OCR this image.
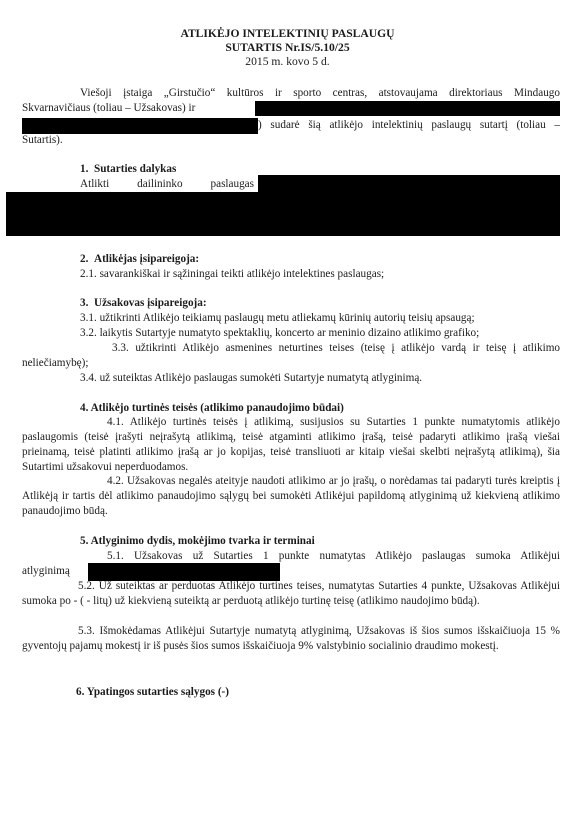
ATLIKĖJO INTELEKTINIŲ PASLAUGŲ
SUTARTIS Nr.IS/5.10/25
2015 m. kovo 5 d.
Viešoji įstaiga „Girstučio“ kultūros ir sporto centras, atstovaujama direktoriaus Mindaugo
Skvarnavičiaus (toliau – Užsakovas) ir
) sudarė šią atlikėjo intelektinių paslaugų sutartį (toliau –
Sutartis).
1.  Sutarties dalykas
Atlikti dailininko paslaugas
2.  Atlikėjas įsipareigoja:
2.1. savarankiškai ir sąžiningai teikti atlikėjo intelektines paslaugas;
3.  Užsakovas įsipareigoja:
3.1. užtikrinti Atlikėjo teikiamų paslaugų metu atliekamų kūrinių autorių teisių apsaugą;
3.2. laikytis Sutartyje numatyto spektaklių, koncerto ar meninio dizaino atlikimo grafiko;
3.3. užtikrinti Atlikėjo asmenines neturtines teises (teisę į atlikėjo vardą ir teisę į atlikimo neliečiamybę);
3.4. už suteiktas Atlikėjo paslaugas sumokėti Sutartyje numatytą atlyginimą.
4. Atlikėjo turtinės teisės (atlikimo panaudojimo būdai)
4.1. Atlikėjo turtinės teisės į atlikimą, susijusios su Sutarties 1 punkte numatytomis atlikėjo paslaugomis (teisė įrašyti neįrašytą atlikimą, teisė atgaminti atlikimo įrašą, teisė padaryti atlikimo įrašą viešai prieinamą, teisė platinti atlikimo įrašą ar jo kopijas, teisė transliuoti ar kitaip viešai skelbti neįrašytą atlikimą), šia Sutartimi užsakovui neperduodamos.
4.2. Užsakovas negalės ateityje naudoti atlikimo ar jo įrašų, o norėdamas tai padaryti turės kreiptis į Atlikėją ir tartis dėl atlikimo panaudojimo sąlygų bei sumokėti Atlikėjui papildomą atlyginimą už kiekvieną atlikimo panaudojimo būdą.
5. Atlyginimo dydis, mokėjimo tvarka ir terminai
5.1. Užsakovas už Sutarties 1 punkte numatytas Atlikėjo paslaugas sumoka Atlikėjui
atlyginimą
5.2. Už suteiktas ar perduotas Atlikėjo turtines teises, numatytas Sutarties 4 punkte, Užsakovas Atlikėjui sumoka po - ( - litų) už kiekvieną suteiktą ar perduotą atlikėjo turtinę teisę (atlikimo naudojimo būdą).
5.3. Išmokėdamas Atlikėjui Sutartyje numatytą atlyginimą, Užsakovas iš šios sumos išskaičiuoja 15 % gyventojų pajamų mokestį ir iš pusės šios sumos išskaičiuoja 9% valstybinio socialinio draudimo mokestį.
6. Ypatingos sutarties sąlygos (-)
